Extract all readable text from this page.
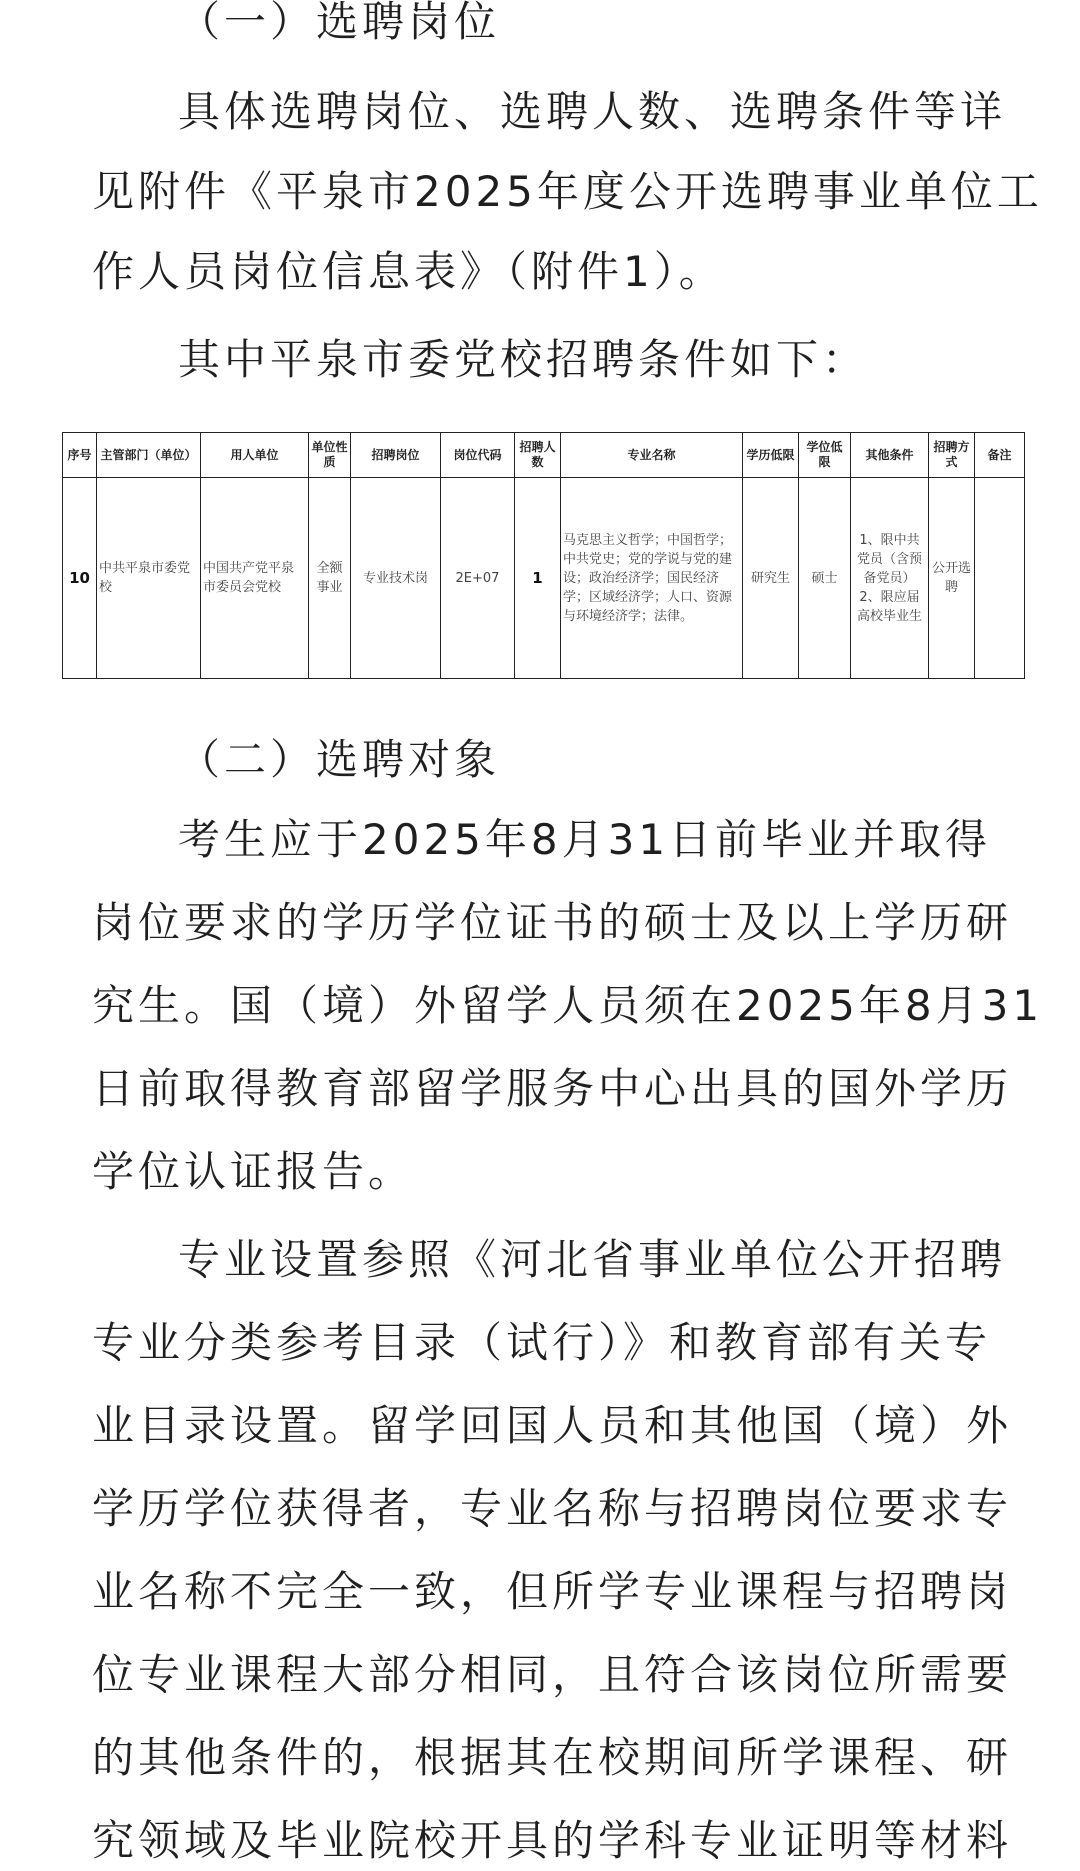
（一）选聘岗位
具体选聘岗位、选聘人数、选聘条件等详
见附件《平泉市2025年度公开选聘事业单位工
作人员岗位信息表》（附件1）。
其中平泉市委党校招聘条件如下：
序号	主管部门（单位）	用人单位	单位性质	招聘岗位	岗位代码	招聘人数	专业名称	学历低限	学位低限	其他条件	招聘方式	备注
10	中共平泉市委党校	中国共产党平泉市委员会党校	全额事业	专业技术岗	2E+07	1	马克思主义哲学；中国哲学；中共党史；党的学说与党的建设；政治经济学；国民经济学；区域经济学；人口、资源与环境经济学；法律。	研究生	硕士	1、限中共党员（含预备党员）2、限应届高校毕业生	公开选聘	
（二）选聘对象
考生应于2025年8月31日前毕业并取得
岗位要求的学历学位证书的硕士及以上学历研
究生。国（境）外留学人员须在2025年8月31
日前取得教育部留学服务中心出具的国外学历
学位认证报告。
专业设置参照《河北省事业单位公开招聘
专业分类参考目录（试行）》和教育部有关专
业目录设置。留学回国人员和其他国（境）外
学历学位获得者，专业名称与招聘岗位要求专
业名称不完全一致，但所学专业课程与招聘岗
位专业课程大部分相同，且符合该岗位所需要
的其他条件的，根据其在校期间所学课程、研
究领域及毕业院校开具的学科专业证明等材料
